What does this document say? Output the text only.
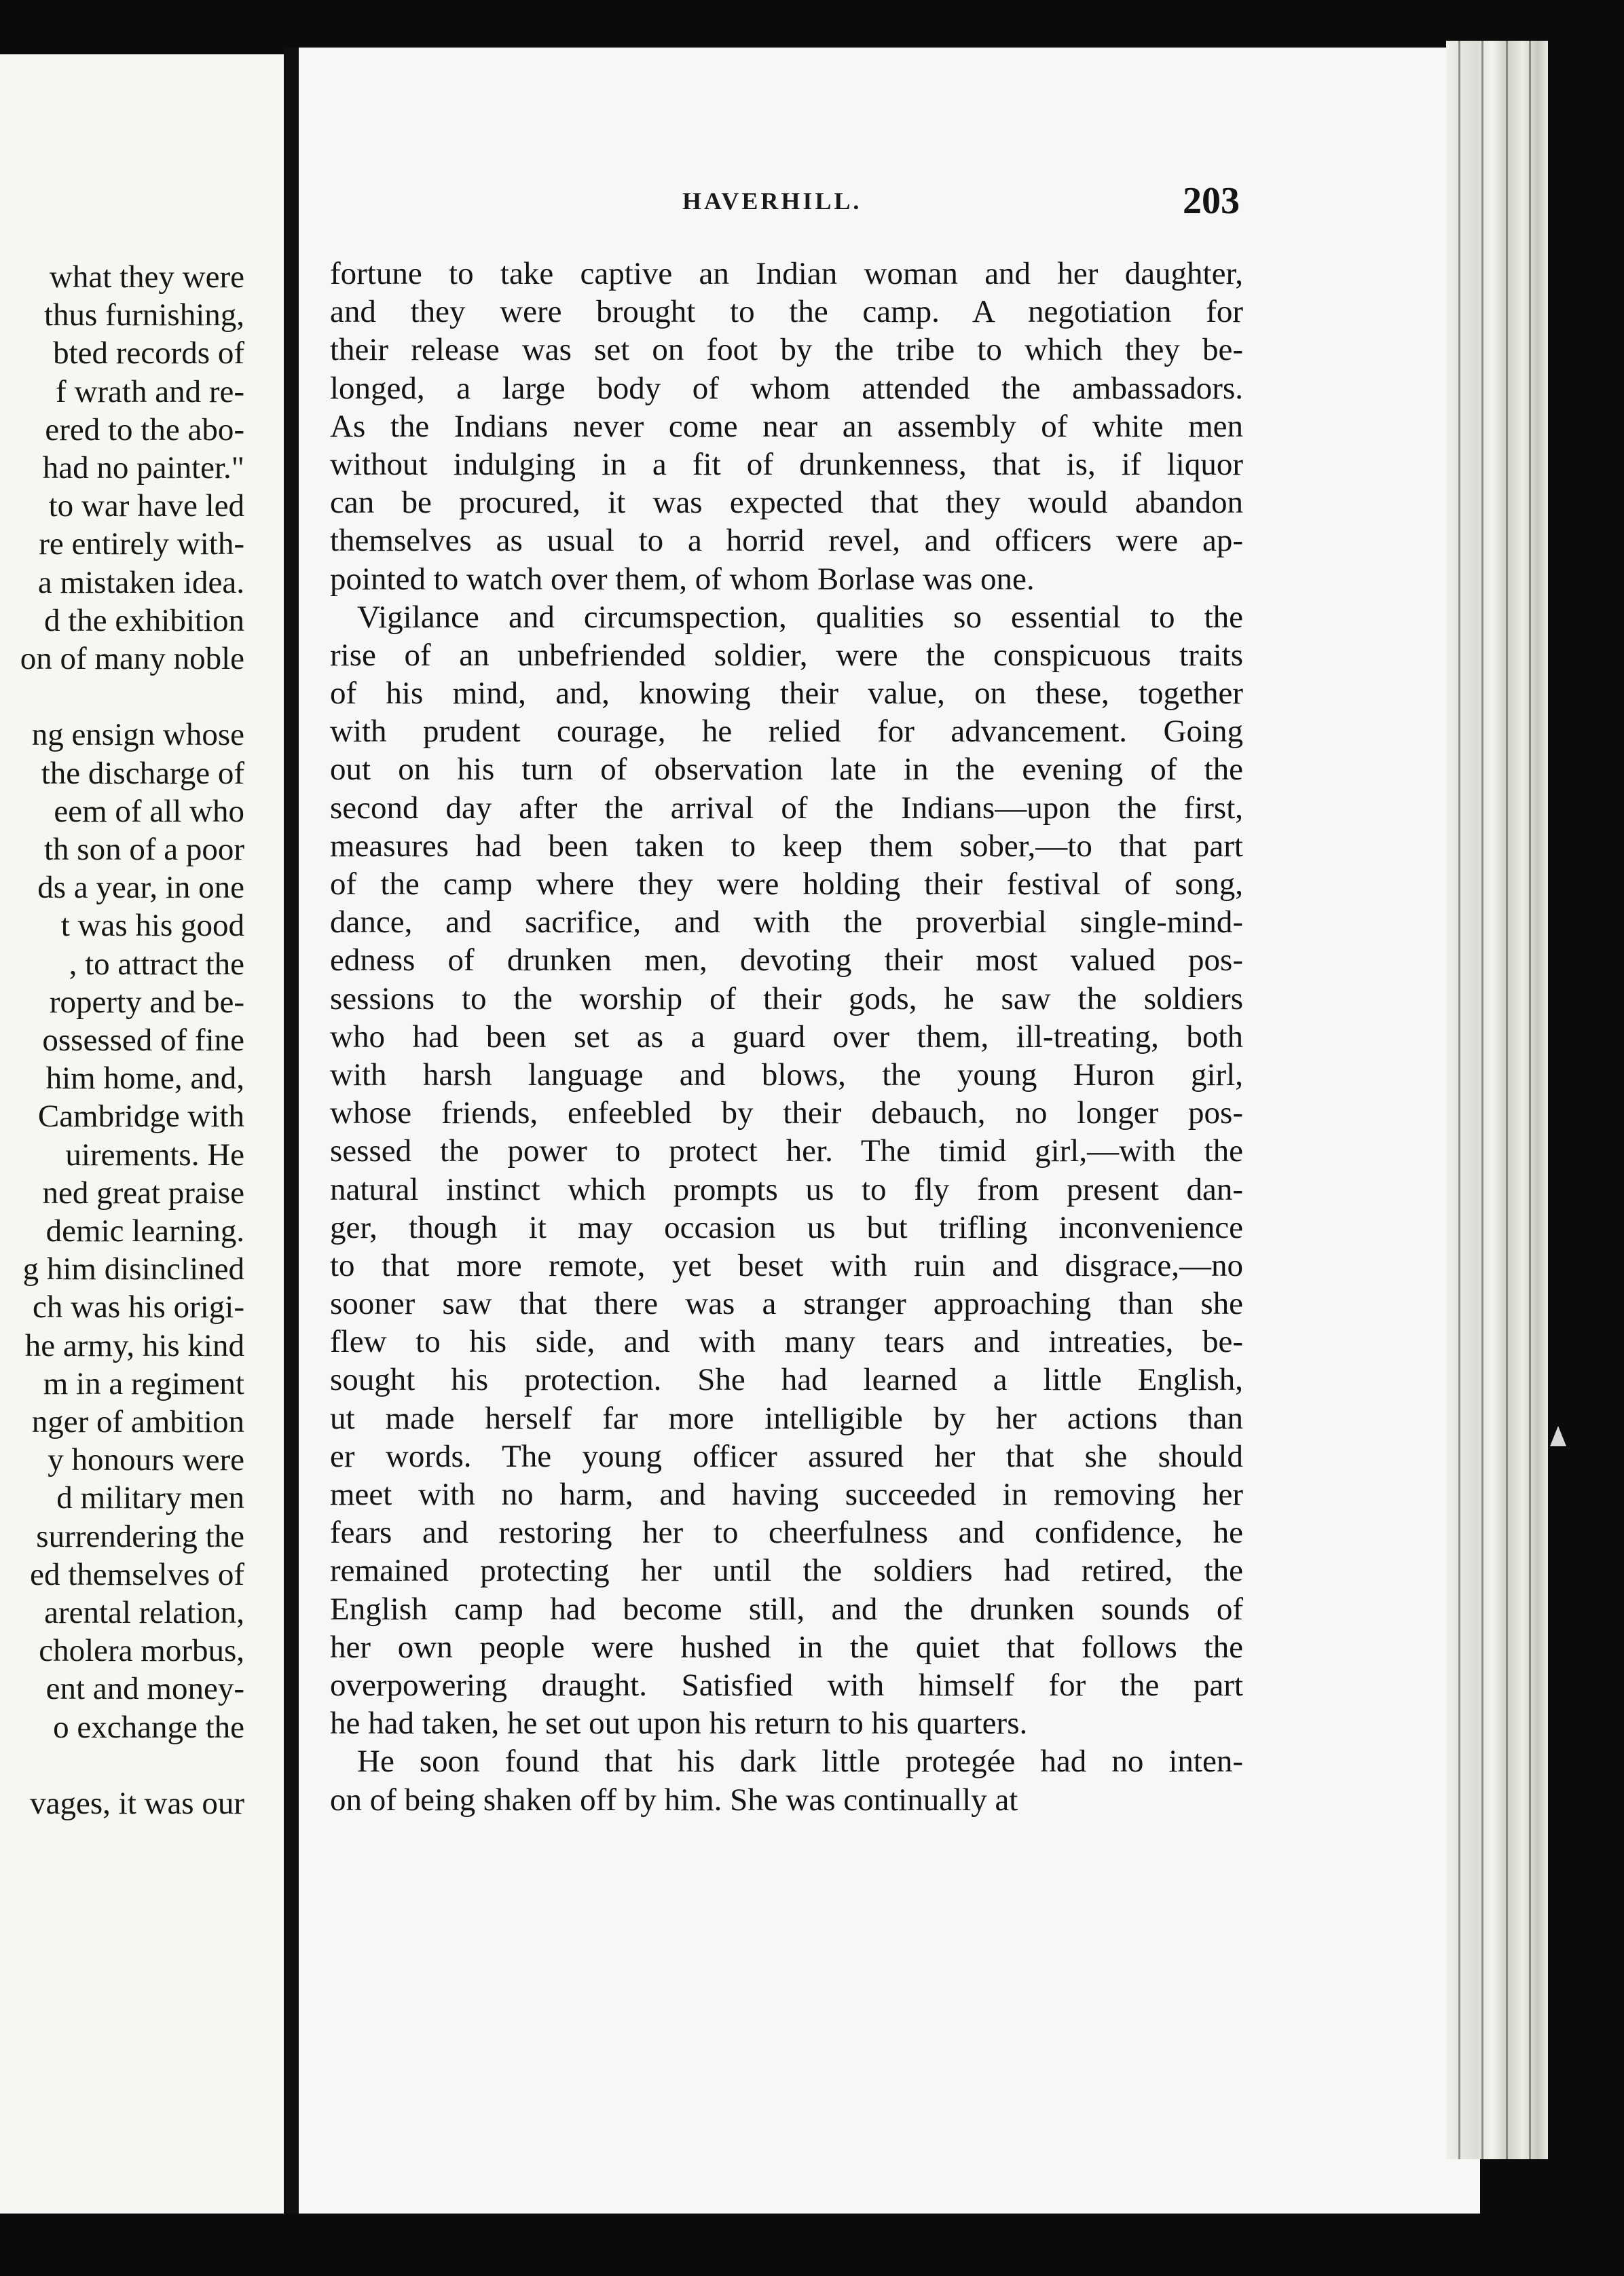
HAVERHILL.	203

what they were

thus furnishing,

bted records of

f wrath and re-

ered to the abo-

had no painter."

to war have led

re entirely with-

a mistaken idea.

d the exhibition

on of many noble

ng ensign whose

the discharge of

eem of all who

th son of a poor

ds a year, in one

t was his good

, to attract the

roperty and be-

ossessed of fine

him home, and,

Cambridge with

uirements. He

ned great praise

demic learning.

g him disinclined

ch was his origi-

he army, his kind

m in a regiment

nger of ambition

y honours were

d military men

surrendering the

ed themselves of

arental relation,

cholera morbus,

ent and money-

o exchange the

vages, it was our

fortune to take captive an Indian woman and her daughter,
and they were brought to the camp. A negotiation for
their release was set on foot by the tribe to which they be-
longed, a large body of whom attended the ambassadors.
As the Indians never come near an assembly of white men
without indulging in a fit of drunkenness, that is, if liquor
can be procured, it was expected that they would abandon
themselves as usual to a horrid revel, and officers were ap-
pointed to watch over them, of whom Borlase was one.
Vigilance and circumspection, qualities so essential to the
rise of an unbefriended soldier, were the conspicuous traits
of his mind, and, knowing their value, on these, together
with prudent courage, he relied for advancement. Going
out on his turn of observation late in the evening of the
second day after the arrival of the Indians—upon the first,
measures had been taken to keep them sober,—to that part
of the camp where they were holding their festival of song,
dance, and sacrifice, and with the proverbial single-mind-
edness of drunken men, devoting their most valued pos-
sessions to the worship of their gods, he saw the soldiers
who had been set as a guard over them, ill-treating, both
with harsh language and blows, the young Huron girl,
whose friends, enfeebled by their debauch, no longer pos-
sessed the power to protect her. The timid girl,—with the
natural instinct which prompts us to fly from present dan-
ger, though it may occasion us but trifling inconvenience
to that more remote, yet beset with ruin and disgrace,—no
sooner saw that there was a stranger approaching than she
flew to his side, and with many tears and intreaties, be-
sought his protection. She had learned a little English,
ut made herself far more intelligible by her actions than
er words. The young officer assured her that she should
meet with no harm, and having succeeded in removing her
fears and restoring her to cheerfulness and confidence, he
remained protecting her until the soldiers had retired, the
English camp had become still, and the drunken sounds of
her own people were hushed in the quiet that follows the
overpowering draught. Satisfied with himself for the part
he had taken, he set out upon his return to his quarters.
He soon found that his dark little protegée had no inten-
on of being shaken off by him. She was continually at
